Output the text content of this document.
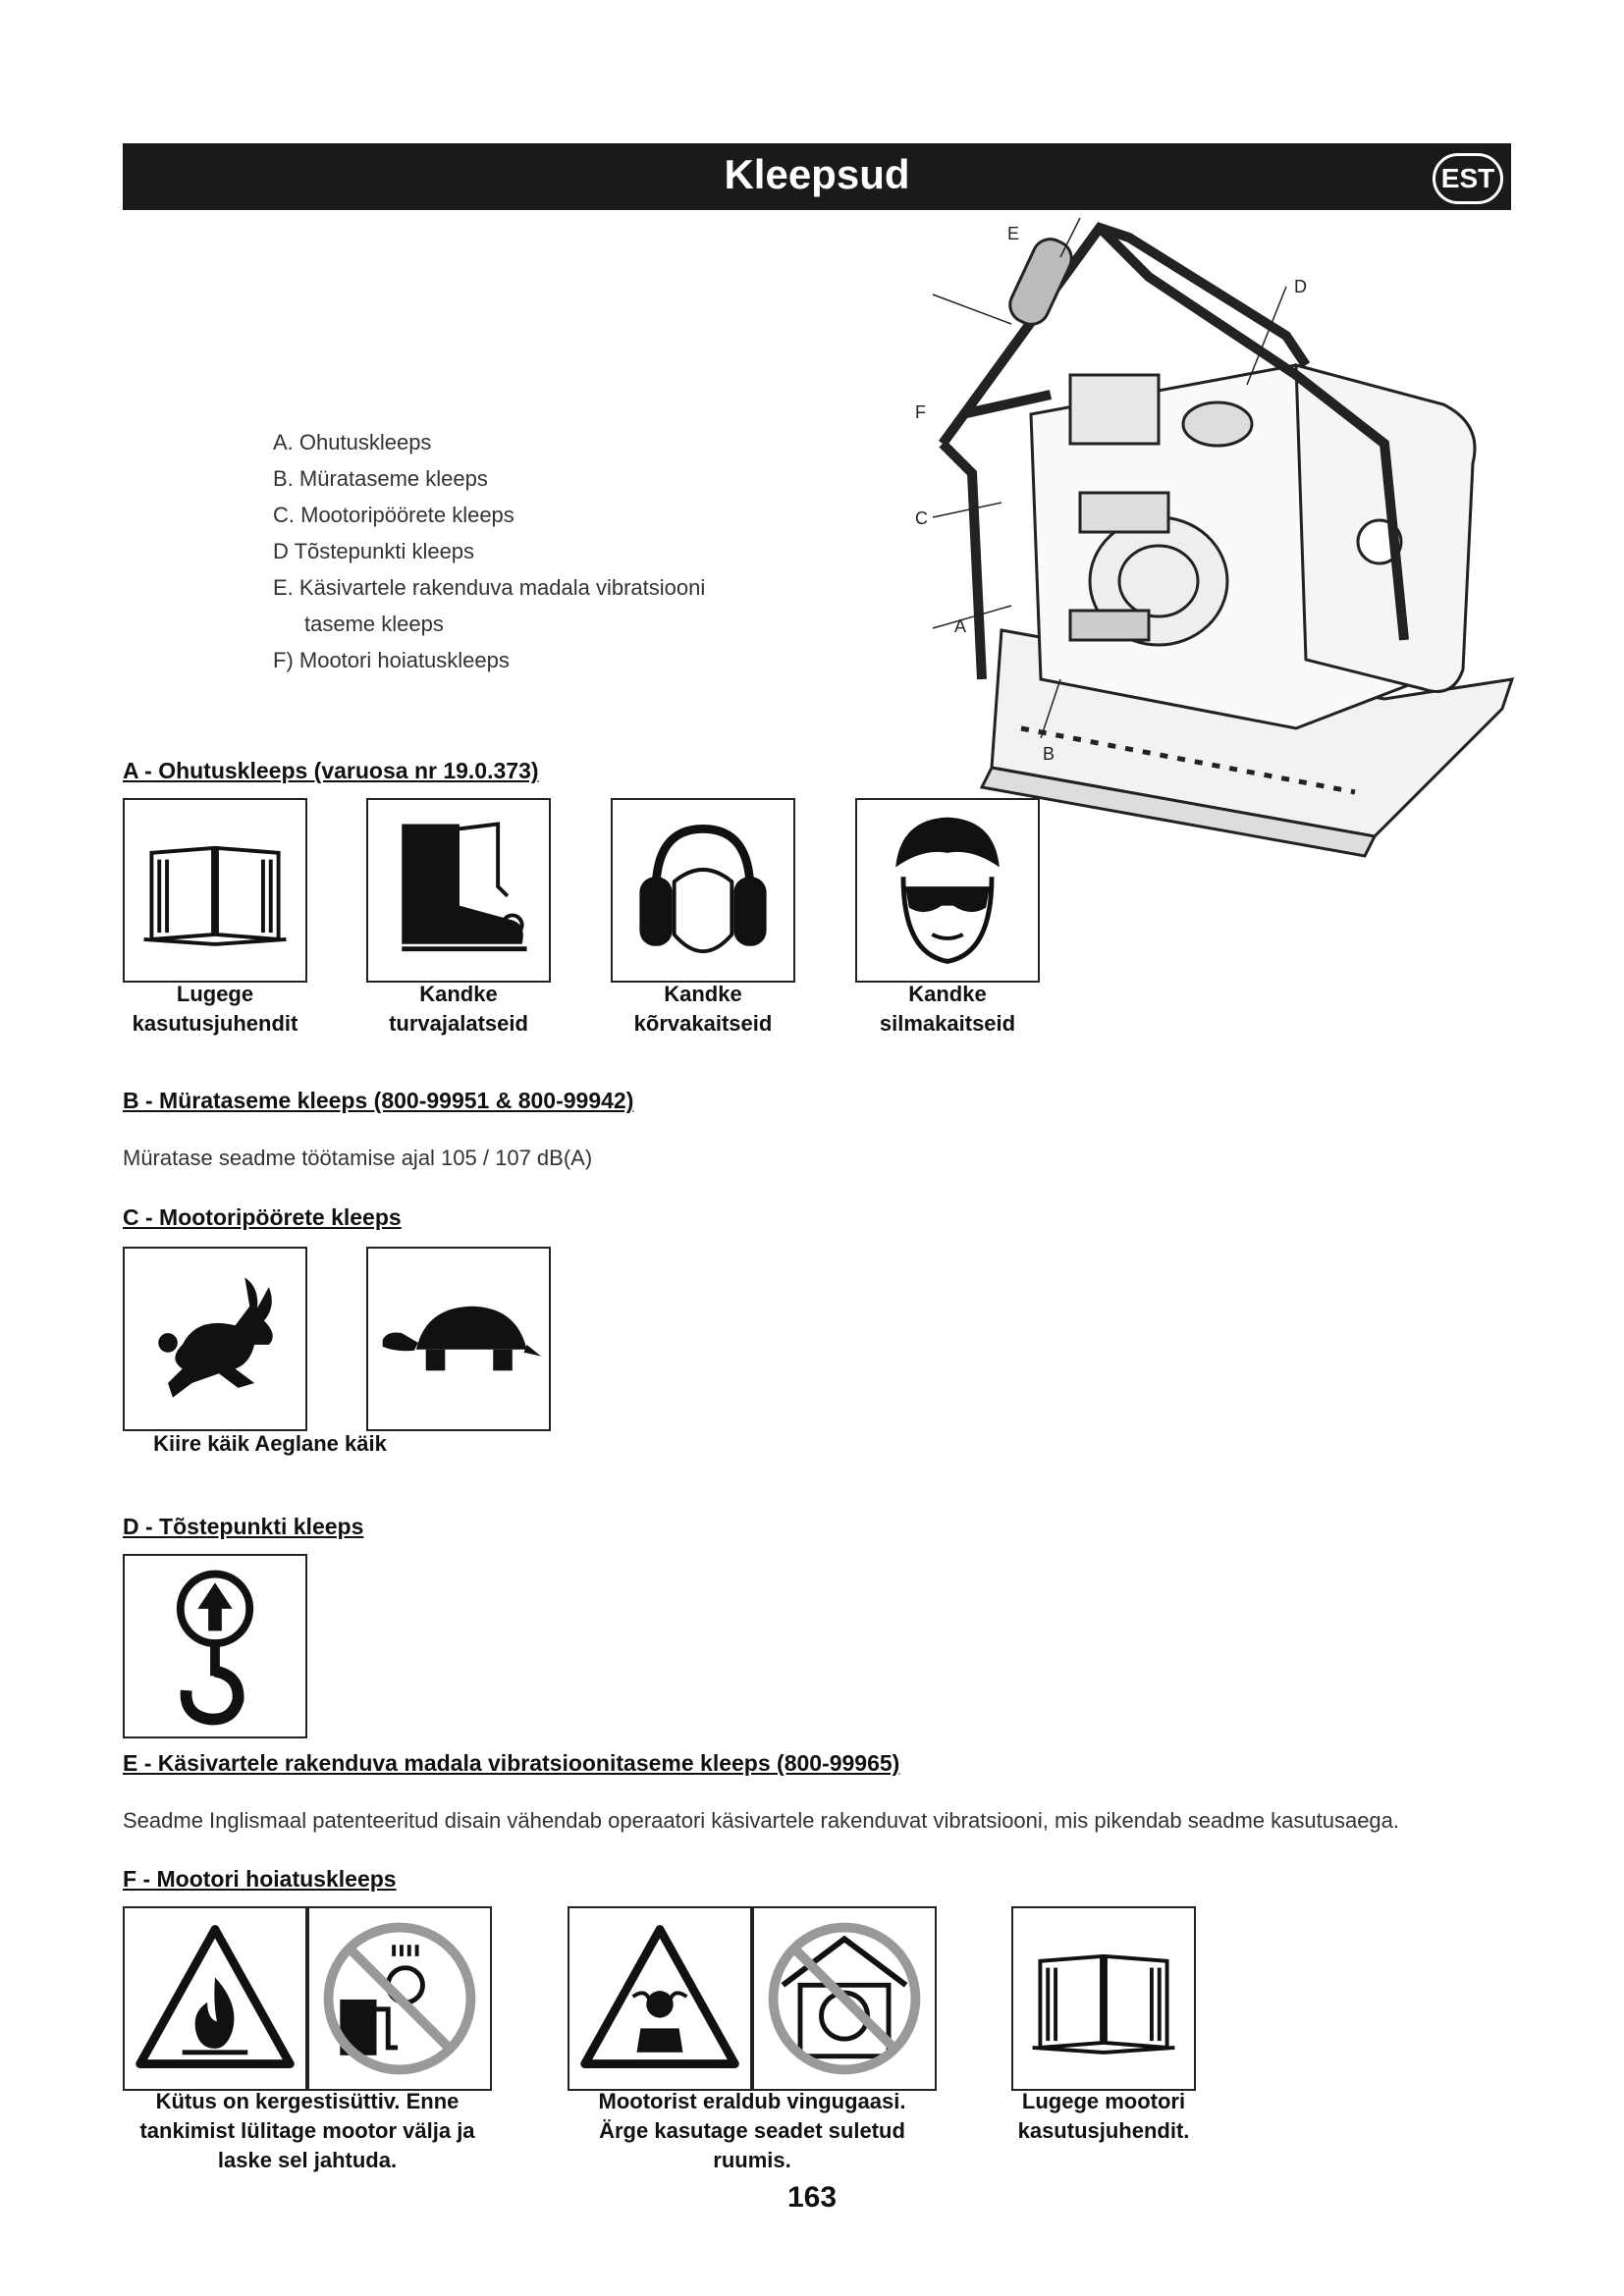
Kleepsud	EST
A. Ohutuskleeps
B. Mürataseme kleeps
C. Mootoripöörete kleeps
D Tõstepunkti kleeps
E. Käsivartele rakenduva madala vibratsiooni
taseme kleeps
F) Mootori hoiatuskleeps
E
D
F
C
A
B
A - Ohutuskleeps (varuosa nr 19.0.373)
Lugege
kasutusjuhendit
Kandke
turvajalatseid
Kandke
kõrvakaitseid
Kandke
silmakaitseid
B - Mürataseme kleeps (800-99951 & 800-99942)
Müratase seadme töötamise ajal 105 / 107 dB(A)
C - Mootoripöörete kleeps
Kiire käik Aeglane käik
D - Tõstepunkti kleeps
E - Käsivartele rakenduva madala vibratsioonitaseme kleeps (800-99965)
Seadme Inglismaal patenteeritud disain vähendab operaatori käsivartele rakenduvat vibratsiooni, mis pikendab seadme kasutusaega.
F - Mootori hoiatuskleeps
Kütus on kergestisüttiv. Enne
tankimist lülitage mootor välja ja
laske sel jahtuda.
Mootorist eraldub vingugaasi.
Ärge kasutage seadet suletud
ruumis.
Lugege mootori
kasutusjuhendit.
163
